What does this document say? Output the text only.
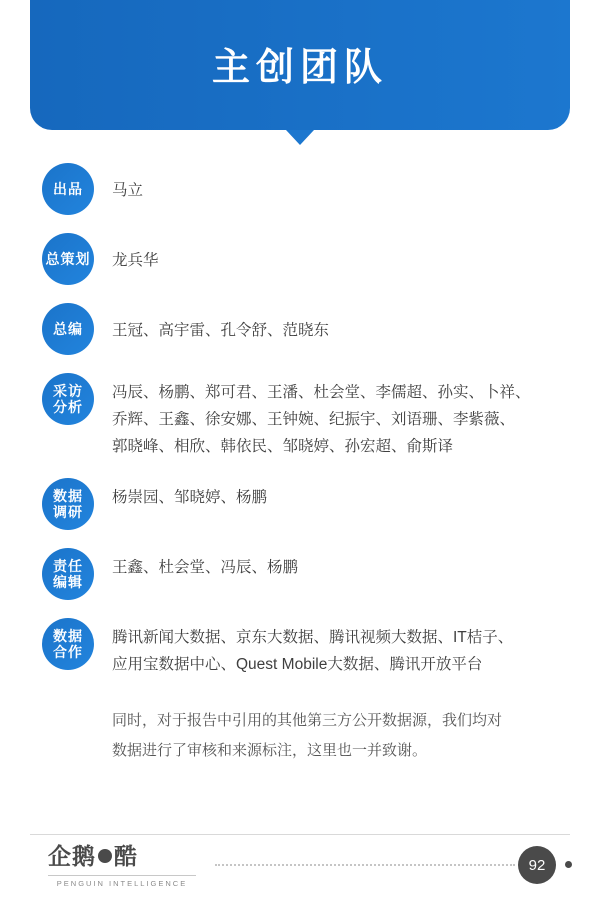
主创团队
出品 马立
总策划 龙兵华
总编 王冠、高宇雷、孔令舒、范晓东
采访
分析
冯辰、杨鹏、郑可君、王潘、杜会堂、李儒超、孙实、卜祥、
乔辉、王鑫、徐安娜、王钟婉、纪振宇、刘语珊、李紫薇、
郭晓峰、相欣、韩依民、邹晓婷、孙宏超、俞斯译
数据
调研
杨崇园、邹晓婷、杨鹏
责任
编辑
王鑫、杜会堂、冯辰、杨鹏
数据
合作
腾讯新闻大数据、京东大数据、腾讯视频大数据、IT桔子、
应用宝数据中心、Quest Mobile大数据、腾讯开放平台
同时，对于报告中引用的其他第三方公开数据源，我们均对
数据进行了审核和来源标注，这里也一并致谢。
企鹅 酷
PENGUIN INTELLIGENCE
92
